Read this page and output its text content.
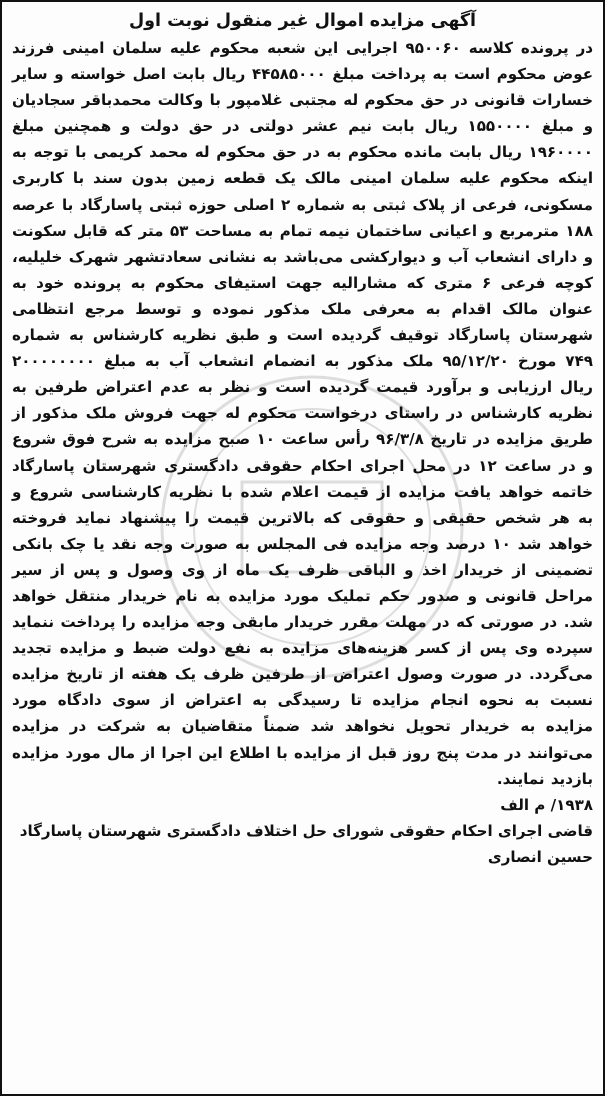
آگهی مزایده اموال غیر منقول نوبت اول

در پرونده کلاسه ۹۵۰۰۶۰ اجرایی این شعبه محکوم علیه سلمان امینی فرزند عوض محکوم است به پرداخت مبلغ ۴۴۵۸۵۰۰۰ ریال بابت اصل خواسته و سایر خسارات قانونی در حق محکوم له مجتبی غلامپور با وکالت محمدباقر سجادیان و مبلغ ۱۵۵۰۰۰۰ ریال بابت نیم عشر دولتی در حق دولت و همچنین مبلغ ۱۹۶۰۰۰۰ ریال بابت مانده محکوم به در حق محکوم له محمد کریمی با توجه به اینکه محکوم علیه سلمان امینی مالک یک قطعه زمین بدون سند با کاربری مسکونی، فرعی از پلاک ثبتی به شماره ۲ اصلی حوزه ثبتی پاسارگاد با عرصه ۱۸۸ مترمربع و اعیانی ساختمان نیمه تمام به مساحت ۵۳ متر که قابل سکونت و دارای انشعاب آب و دیوارکشی می‌باشد به نشانی سعادتشهر شهرک خلیلیه، کوچه فرعی ۶ متری که مشارالیه جهت استیفای محکوم به پرونده خود به عنوان مالک اقدام به معرفی ملک مذکور نموده و توسط مرجع انتظامی شهرستان پاسارگاد توقیف گردیده است و طبق نظریه کارشناس به شماره ۷۴۹ مورخ ۹۵/۱۲/۲۰ ملک مذکور به انضمام انشعاب آب به مبلغ ۲۰۰۰۰۰۰۰۰ ریال ارزیابی و برآورد قیمت گردیده است و نظر به عدم اعتراض طرفین به نظریه کارشناس در راستای درخواست محکوم له جهت فروش ملک مذکور از طریق مزایده در تاریخ ۹۶/۳/۸ رأس ساعت ۱۰ صبح مزایده به شرح فوق شروع و در ساعت ۱۲ در محل اجرای احکام حقوقی دادگستری شهرستان پاسارگاد خاتمه خواهد یافت مزایده از قیمت اعلام شده با نظریه کارشناسی شروع و به هر شخص حقیقی و حقوقی که بالاترین قیمت را پیشنهاد نماید فروخته خواهد شد ۱۰ درصد وجه مزایده فی المجلس به صورت وجه نقد یا چک بانکی تضمینی از خریدار اخذ و الباقی ظرف یک ماه از وی وصول و پس از سیر مراحل قانونی و صدور حکم تملیک مورد مزایده به نام خریدار منتقل خواهد شد. در صورتی که در مهلت مقرر خریدار مابقی وجه مزایده را پرداخت ننماید سپرده وی پس از کسر هزینه‌های مزایده به نفع دولت ضبط و مزایده تجدید می‌گردد. در صورت وصول اعتراض از طرفین ظرف یک هفته از تاریخ مزایده نسبت به نحوه انجام مزایده تا رسیدگی به اعتراض از سوی دادگاه مورد مزایده به خریدار تحویل نخواهد شد ضمناً متقاضیان به شرکت در مزایده می‌توانند در مدت پنج روز قبل از مزایده با اطلاع این اجرا از مال مورد مزایده بازدید نمایند.

۱۹۳۸/ م الف

قاضی اجرای احکام حقوقی شورای حل اختلاف دادگستری شهرستان پاسارگاد

حسین انصاری
